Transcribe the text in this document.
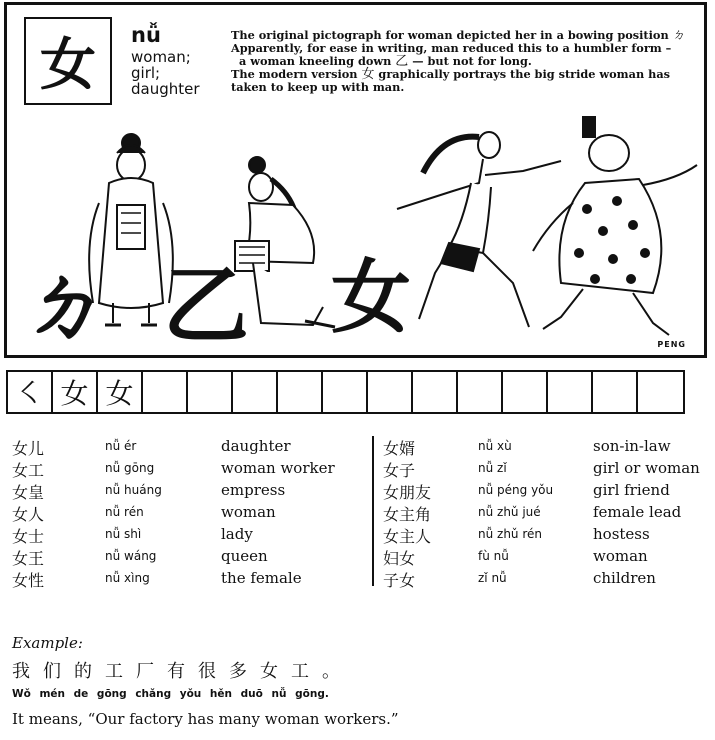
女 nǚ
woman;
girl;
daughter

The original pictograph for woman depicted her in a bowing position ㄉ

Apparently, for ease in writing, man reduced this to a humbler form –

a woman kneeling down 乙 — but not for long.

The modern version 女 graphically portrays the big stride woman has

taken to keep up with man.

ㄉ 乙 女
PENG
㇛ ⼥ 女
女儿	nǚ ér	daughter
女工	nǚ gōng	woman worker
女皇	nǚ huáng	empress
女人	nǚ rén	woman
女士	nǚ shì	lady
女王	nǚ wáng	queen
女性	nǚ xìng	the female
女婿	nǚ xù	son-in-law
女子	nǚ zǐ	girl or woman
女朋友	nǚ péng yǒu	girl friend
女主角	nǚ zhǔ jué	female lead
女主人	nǚ zhǔ rén	hostess
妇女	fù nǚ	woman
子女	zǐ nǚ	children
Example:
我 们 的 工 厂 有 很 多 女 工 。
Wǒ mén de gōng chǎng yǒu hěn duō nǚ gōng.
It means, “Our factory has many woman workers.”
